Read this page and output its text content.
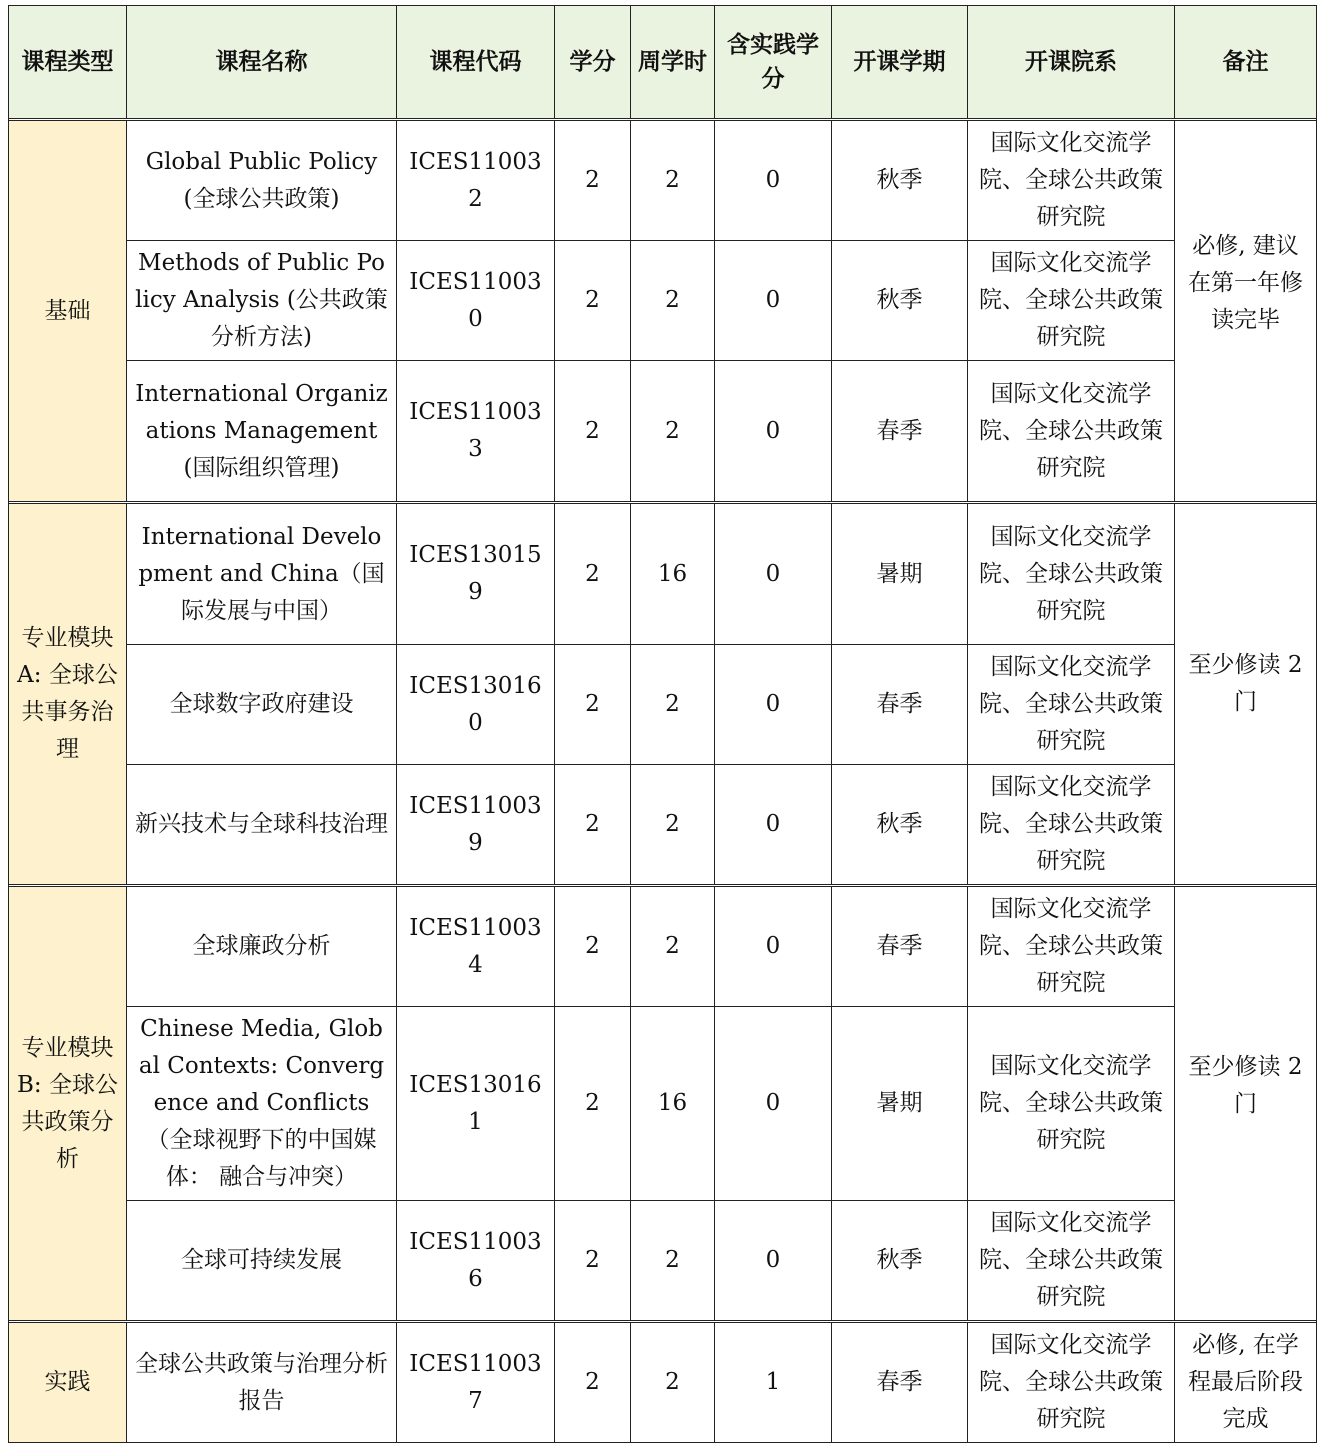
课程类型	课程名称	课程代码	学分	周学时	含实践学分	开课学期	开课院系	备注

基础	Global Public Policy (全球公共政策)	ICES110032	2	2	0	秋季	国际文化交流学院、全球公共政策研究院	必修, 建议在第一年修读完毕
	Methods of Public Policy Analysis (公共政策分析方法)	ICES110030	2	2	0	秋季	国际文化交流学院、全球公共政策研究院	
	International Organizations Management (国际组织管理)	ICES110033	2	2	0	春季	国际文化交流学院、全球公共政策研究院	

专业模块 A: 全球公共事务治理	International Development and China（国际发展与中国）	ICES130159	2	16	0	暑期	国际文化交流学院、全球公共政策研究院	至少修读 2 门
	全球数字政府建设	ICES130160	2	2	0	春季	国际文化交流学院、全球公共政策研究院	
	新兴技术与全球科技治理	ICES110039	2	2	0	秋季	国际文化交流学院、全球公共政策研究院	

专业模块 B: 全球公共政策分析	全球廉政分析	ICES110034	2	2	0	春季	国际文化交流学院、全球公共政策研究院	至少修读 2 门
	Chinese Media, Global Contexts: Convergence and Conflicts （全球视野下的中国媒体： 融合与冲突）	ICES130161	2	16	0	暑期	国际文化交流学院、全球公共政策研究院	
	全球可持续发展	ICES110036	2	2	0	秋季	国际文化交流学院、全球公共政策研究院	

实践	全球公共政策与治理分析报告	ICES110037	2	2	1	春季	国际文化交流学院、全球公共政策研究院	必修, 在学程最后阶段完成
